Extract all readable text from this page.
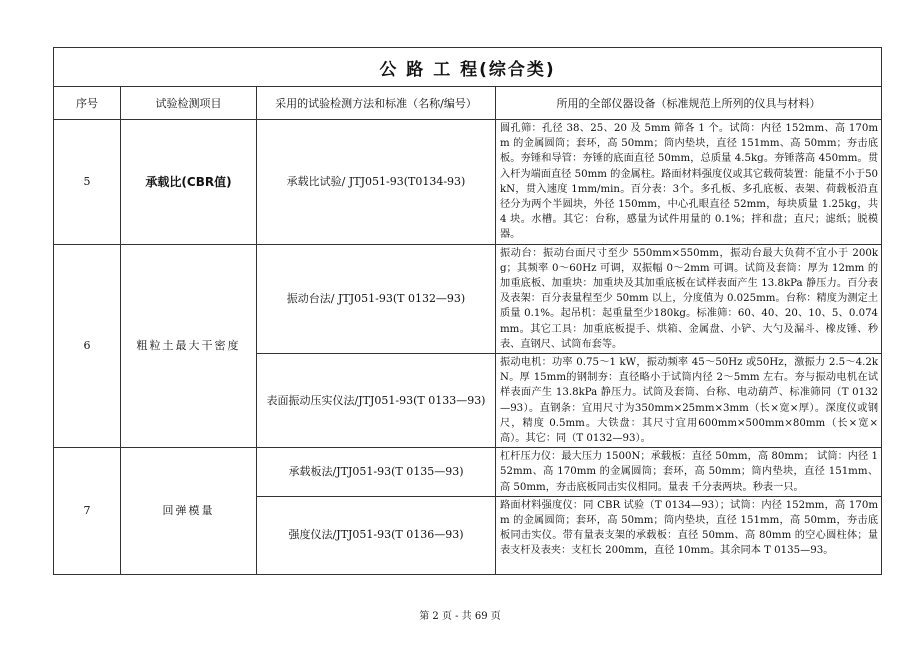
公 路 工 程(综合类)			
序号	试验检测项目	采用的试验检测方法和标准（名称/编号）	所用的全部仪器设备（标准规范上所列的仪具与材料）
5	承载比(CBR值)	承载比试验/ JTJ051-93(T0134-93)	圆孔筛：孔径 38、25、20 及 5mm 筛各 1 个。试筒：内径 152mm、高 170mm 的金属圆筒；套环，高 50mm；筒内垫块，直径 151mm、高 50mm；夯击底板。夯锤和导管：夯锤的底面直径 50mm，总质量 4.5kg。夯锤落高 450mm。贯入杆为端面直径 50mm 的金属柱。路面材料强度仪或其它载荷装置：能量不小于50kN，贯入速度 1mm/min。百分表：3个。多孔板、多孔底板、表架、荷载板沿直径分为两个半圆块，外径 150mm，中心孔眼直径 52mm，每块质量 1.25kg，共 4 块。水槽。其它：台称，感量为试件用量的 0.1%；拌和盘；直尺；滤纸；脱模器。
6	粗粒土最大干密度	振动台法/ JTJ051-93(T 0132—93)	振动台：振动台面尺寸至少 550mm×550mm，振动台最大负荷不宜小于 200kg；其频率 0～60Hz 可调，双振幅 0～2mm 可调。试筒及套筒：厚为 12mm 的加重底板、加重块：加重块及其加重底板在试样表面产生 13.8kPa 静压力。百分表及表架：百分表量程至少 50mm 以上，分度值为 0.025mm。台称：精度为测定土质量 0.1%。起吊机：起重量至少180kg。标准筛：60、40、20、10、5、0.074mm。其它工具：加重底板提手、烘箱、金属盘、小铲、大勺及漏斗、橡皮锤、秒表、直钢尺、试筒布套等。
		表面振动压实仪法/JTJ051-93(T 0133—93)	振动电机：功率 0.75～1 kW，振动频率 45～50Hz 或50Hz，激振力 2.5～4.2kN。厚 15mm的钢制夯：直径略小于试筒内径 2～5mm 左右。夯与振动电机在试样表面产生 13.8kPa 静压力。试筒及套筒、台称、电动葫芦、标准筛同（T 0132—93）。直钢条：宜用尺寸为350mm×25mm×3mm（长×宽×厚）。深度仪或钢尺，精度 0.5mm。大铁盘：其尺寸宜用600mm×500mm×80mm（长×宽×高）。其它：同（T 0132—93）。
7	回弹模量	承载板法/JTJ051-93(T 0135—93)	杠杆压力仪：最大压力 1500N；承载板：直径 50mm，高 80mm； 试筒：内径 152mm、高 170mm 的金属圆筒；套环，高 50mm；筒内垫块，直径 151mm、高 50mm，夯击底板同击实仪相同。量表 千分表两块。秒表一只。
		强度仪法/JTJ051-93(T 0136—93)	路面材料强度仪：同 CBR 试验（T 0134—93）；试筒：内径 152mm，高 170mm 的金属圆筒；套环，高 50mm；筒内垫块，直径 151mm，高 50mm，夯击底板同击实仪。带有量表支架的承载板：直径 50mm、高 80mm 的空心圆柱体；量表支杆及表夹：支杠长 200mm，直径 10mm。其余同本 T 0135—93。
第 2 页 - 共 69 页
